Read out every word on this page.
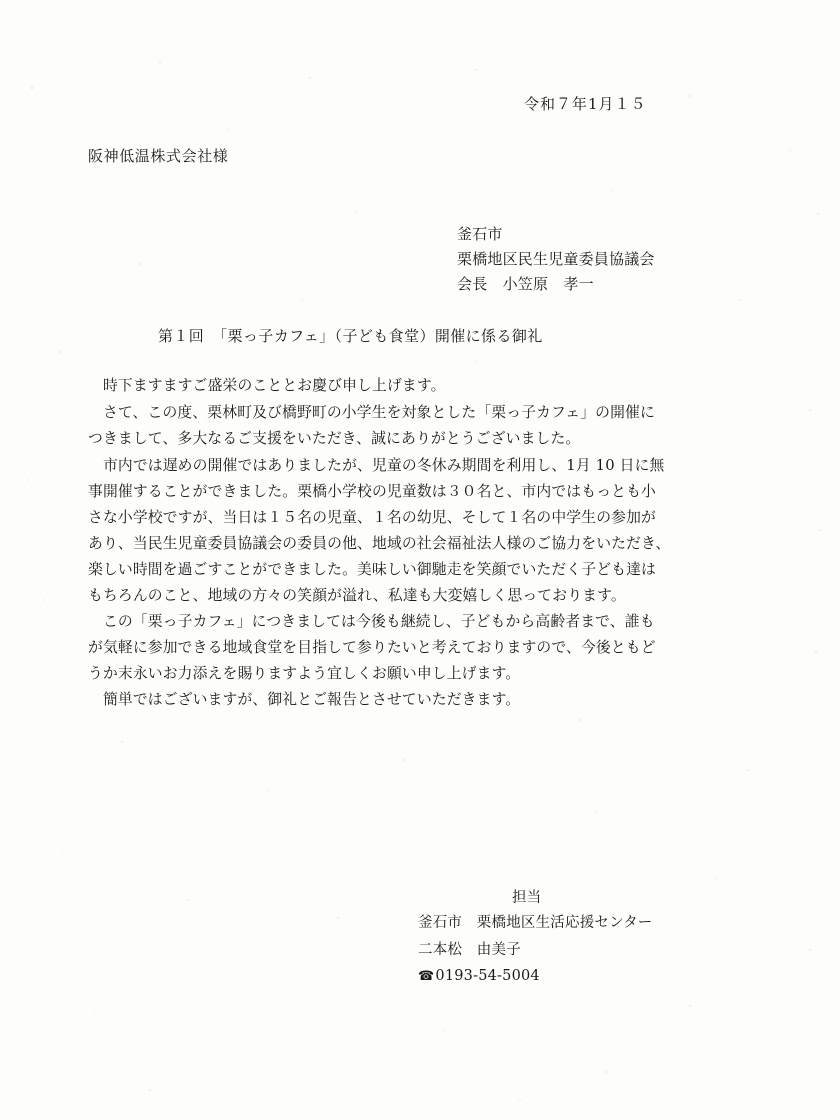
令和７年1月１５
阪神低温株式会社様
釜石市
栗橋地区民生児童委員協議会
会長　小笠原　孝一
第１回　「栗っ子カフェ」（子ども食堂）開催に係る御礼
　時下ますますご盛栄のこととお慶び申し上げます。
　さて、この度、栗林町及び橋野町の小学生を対象とした「栗っ子カフェ」の開催に
つきまして、多大なるご支援をいただき、誠にありがとうございました。
　市内では遅めの開催ではありましたが、児童の冬休み期間を利用し、1月 10 日に無
事開催することができました。栗橋小学校の児童数は３０名と、市内ではもっとも小
さな小学校ですが、当日は１５名の児童、１名の幼児、そして１名の中学生の参加が
あり、当民生児童委員協議会の委員の他、地域の社会福祉法人様のご協力をいただき、
楽しい時間を過ごすことができました。美味しい御馳走を笑顔でいただく子ども達は
もちろんのこと、地域の方々の笑顔が溢れ、私達も大変嬉しく思っております。
　この「栗っ子カフェ」につきましては今後も継続し、子どもから高齢者まで、誰も
が気軽に参加できる地域食堂を目指して参りたいと考えておりますので、今後ともど
うか末永いお力添えを賜りますよう宜しくお願い申し上げます。
　簡単ではございますが、御礼とご報告とさせていただきます。
担当
釜石市　栗橋地区生活応援センター
二本松　由美子
☎0193-54-5004
